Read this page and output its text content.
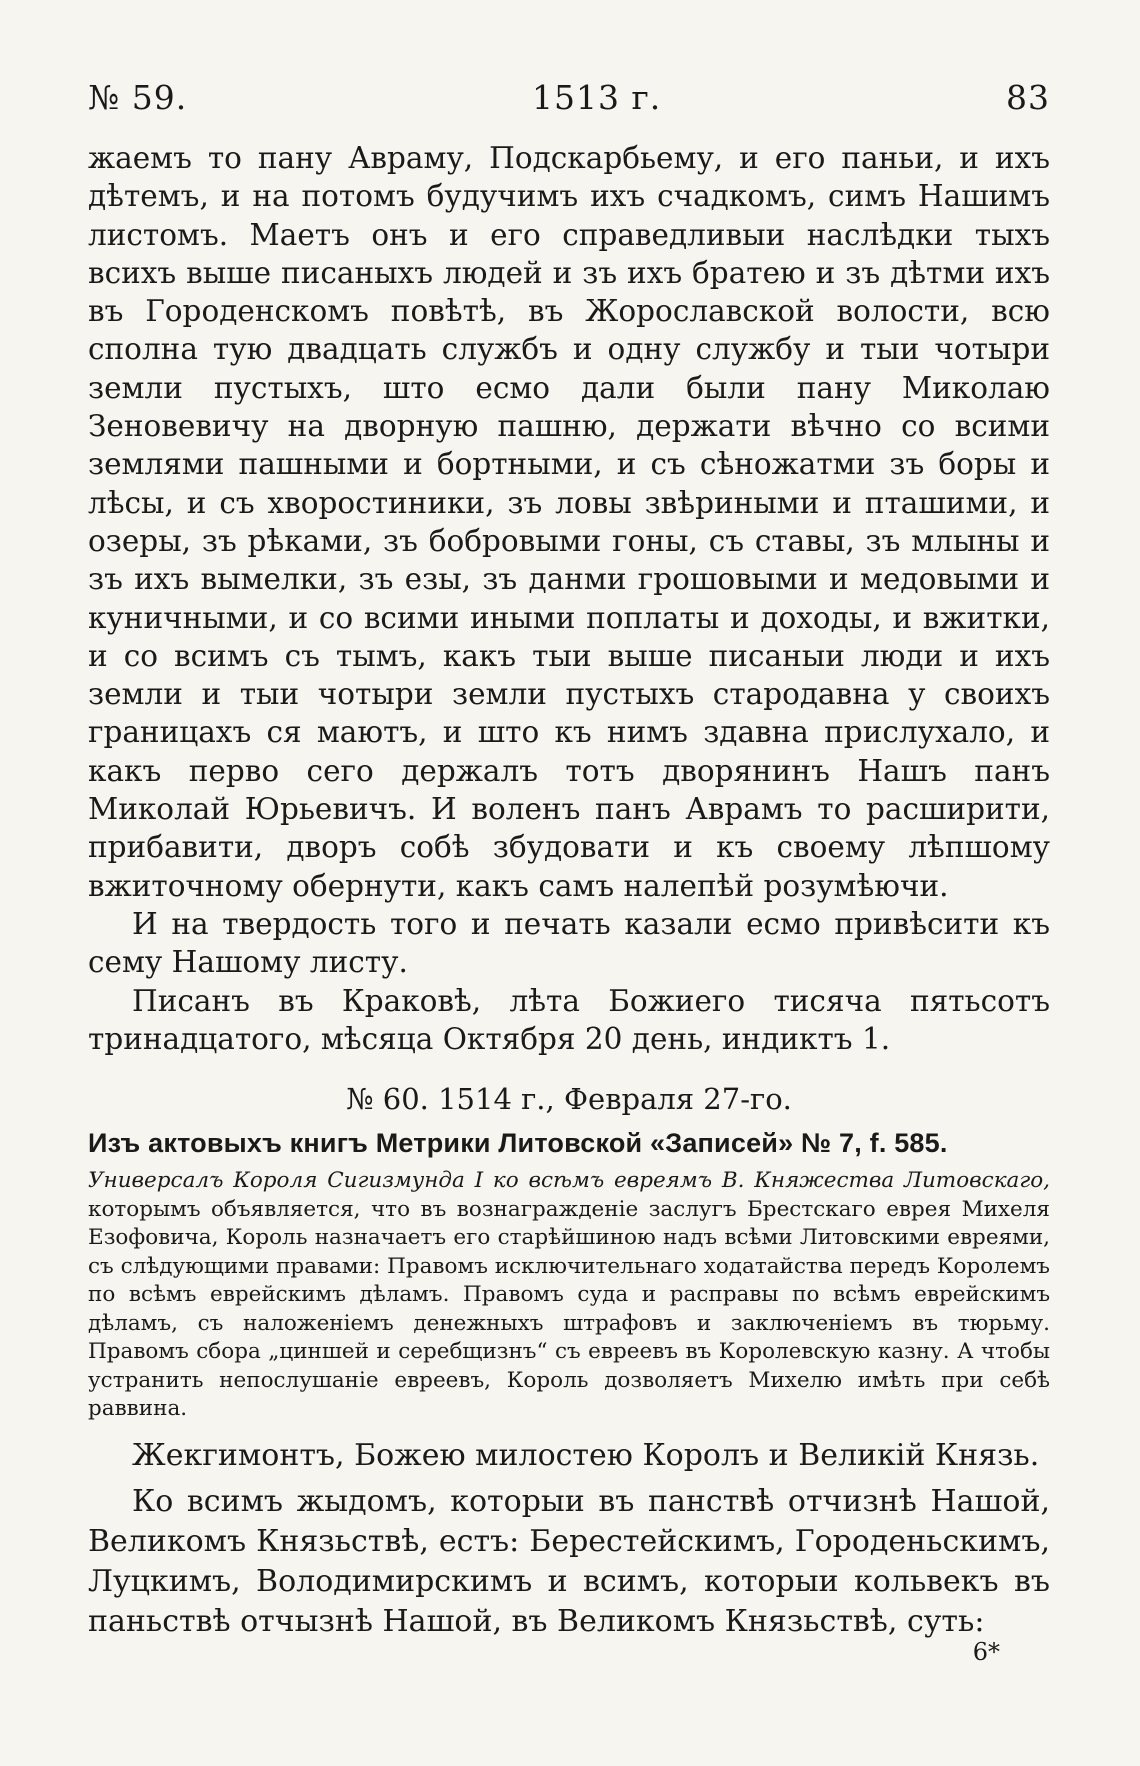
№ 59.	1513 г.	83

жаемъ то пану Авраму, Подскарбьему, и его паньи, и ихъ дѣтемъ, и на потомъ будучимъ ихъ счадкомъ, симъ Нашимъ листомъ. Маетъ онъ и его справедливыи наслѣдки тыхъ всихъ выше писаныхъ людей и зъ ихъ братею и зъ дѣтми ихъ въ Городенскомъ повѣтѣ, въ Жорославской волости, всю сполна тую двадцать службъ и одну службу и тыи чотыри земли пустыхъ, што есмо дали были пану Миколаю Зеновевичу на дворную пашню, держати вѣчно со всими землями пашными и бортными, и съ сѣножатми зъ боры и лѣсы, и съ хворостиники, зъ ловы звѣриными и пташими, и озеры, зъ рѣками, зъ бобровыми гоны, съ ставы, зъ млыны и зъ ихъ вымелки, зъ езы, зъ данми грошовыми и медовыми и куничными, и со всими иными поплаты и доходы, и вжитки, и со всимъ съ тымъ, какъ тыи выше писаныи люди и ихъ земли и тыи чотыри земли пустыхъ стародавна у своихъ границахъ ся маютъ, и што къ нимъ здавна прислухало, и какъ перво сего держалъ тотъ дворянинъ Нашъ панъ Миколай Юрьевичъ. И воленъ панъ Аврамъ то расширити, прибавити, дворъ собѣ збудовати и къ своему лѣпшому вжиточному обернути, какъ самъ налепѣй розумѣючи.

И на твердость того и печать казали есмо привѣсити къ сему Нашому листу.

Писанъ въ Краковѣ, лѣта Божиего тисяча пятьсотъ тринадцатого, мѣсяца Октября 20 день, индиктъ 1.

№ 60. 1514 г., Февраля 27-го.
Изъ актовыхъ книгъ Метрики Литовской «Записей» № 7, f. 585.
Универсалъ Короля Сигизмунда I ко всѣмъ евреямъ В. Княжества Литовскаго, которымъ объявляется, что въ вознагражденіе заслугъ Брестскаго еврея Михеля Езофовича, Король назначаетъ его старѣйшиною надъ всѣми Литовскими евреями, съ слѣдующими правами: Правомъ исключительнаго ходатайства передъ Королемъ по всѣмъ еврейскимъ дѣламъ. Правомъ суда и расправы по всѣмъ еврейскимъ дѣламъ, съ наложеніемъ денежныхъ штрафовъ и заключеніемъ въ тюрьму. Правомъ сбора „циншей и серебщизнъ“ съ евреевъ въ Королевскую казну. А чтобы устранить непослушаніе евреевъ, Король дозволяетъ Михелю имѣть при себѣ раввина.

Жекгимонтъ, Божею милостею Королъ и Великій Князь.

Ко всимъ жыдомъ, которыи въ панствѣ отчизнѣ Нашой, Великомъ Князьствѣ, естъ: Берестейскимъ, Городеньскимъ, Луцкимъ, Володимирскимъ и всимъ, которыи кольвекъ въ паньствѣ отчызнѣ Нашой, въ Великомъ Князьствѣ, суть:

6*
